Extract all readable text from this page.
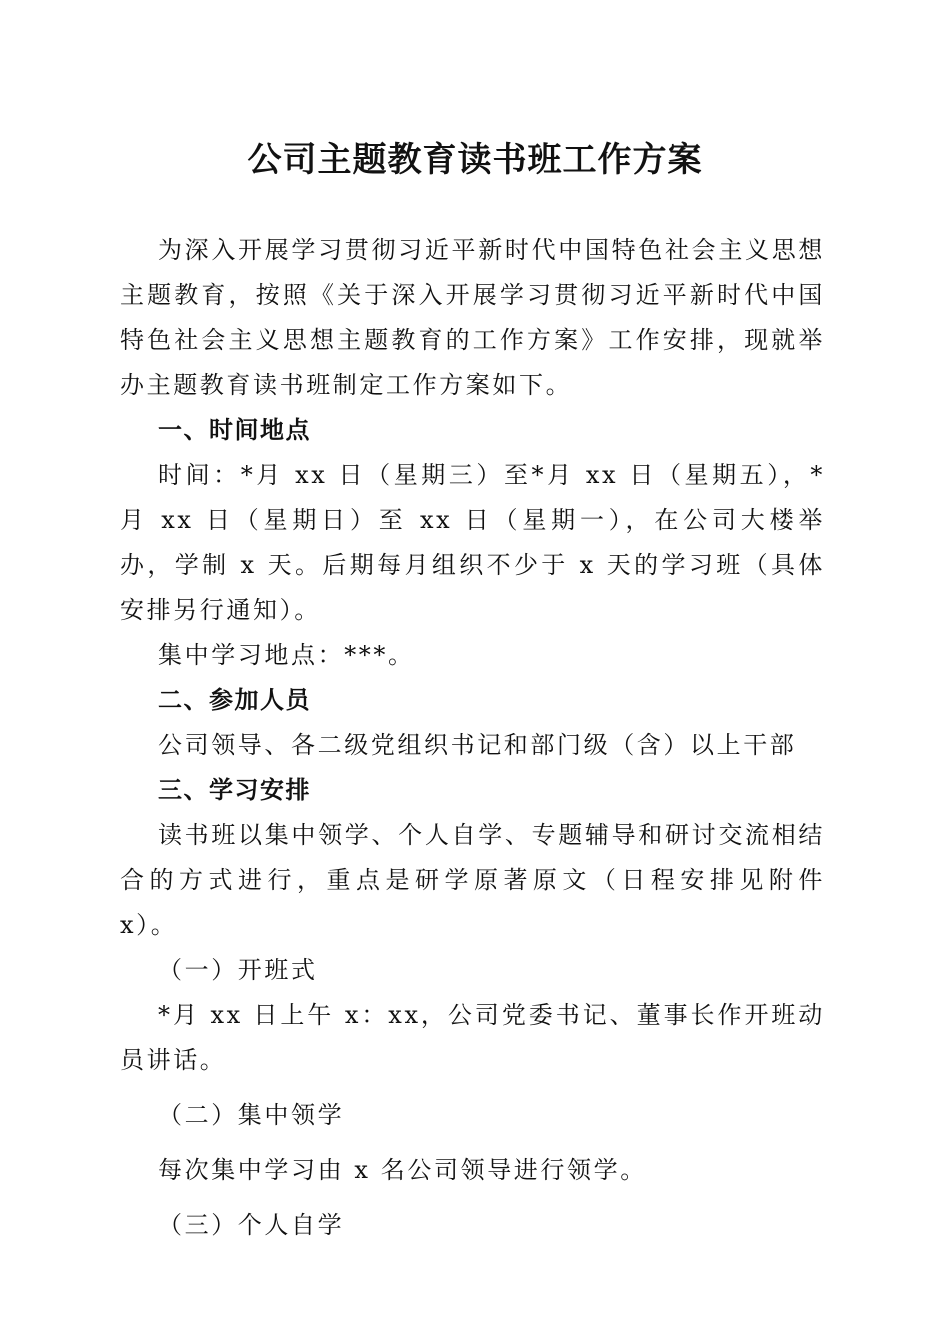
公司主题教育读书班工作方案

为深入开展学习贯彻习近平新时代中国特色社会主义思想主题教育，按照《关于深入开展学习贯彻习近平新时代中国特色社会主义思想主题教育的工作方案》工作安排，现就举办主题教育读书班制定工作方案如下。

一、时间地点

时间：*月 xx 日（星期三）至*月 xx 日（星期五），*月 xx 日（星期日）至 xx 日（星期一），在公司大楼举办，学制 x 天。后期每月组织不少于 x 天的学习班（具体安排另行通知）。

集中学习地点：***。

二、参加人员

公司领导、各二级党组织书记和部门级（含）以上干部

三、学习安排

读书班以集中领学、个人自学、专题辅导和研讨交流相结合的方式进行，重点是研学原著原文（日程安排见附件 x）。

（一）开班式

*月 xx 日上午 x：xx，公司党委书记、董事长作开班动员讲话。

（二）集中领学

每次集中学习由 x 名公司领导进行领学。

（三）个人自学
